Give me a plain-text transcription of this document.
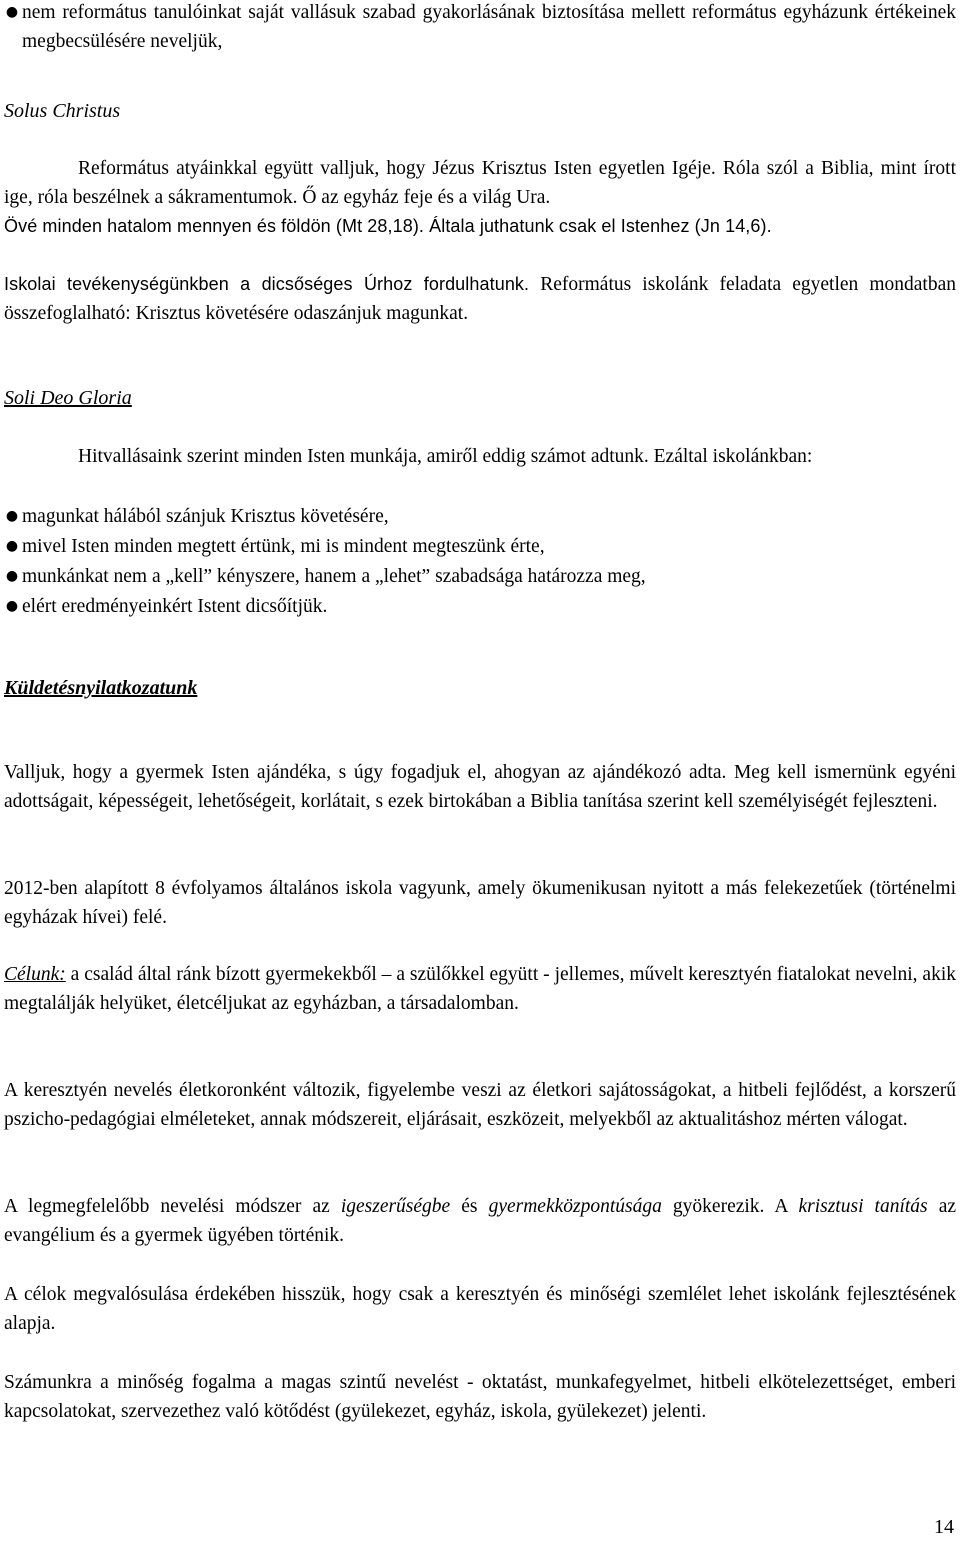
● nem református tanulóinkat saját vallásuk szabad gyakorlásának biztosítása mellett református egyházunk értékeinek megbecsülésére neveljük,

Solus Christus

Református atyáinkkal együtt valljuk, hogy Jézus Krisztus Isten egyetlen Igéje. Róla szól a Biblia, mint írott ige, róla beszélnek a sákramentumok. Ő az egyház feje és a világ Ura.

Övé minden hatalom mennyen és földön (Mt 28,18). Általa juthatunk csak el Istenhez (Jn 14,6).

Iskolai tevékenységünkben a dicsőséges Úrhoz fordulhatunk. Református iskolánk feladata egyetlen mondatban összefoglalható: Krisztus követésére odaszánjuk magunkat.

Soli Deo Gloria

Hitvallásaink szerint minden Isten munkája, amiről eddig számot adtunk. Ezáltal iskolánkban:

● magunkat hálából szánjuk Krisztus követésére,
● mivel Isten minden megtett értünk, mi is mindent megteszünk érte,
● munkánkat nem a „kell” kényszere, hanem a „lehet” szabadsága határozza meg,
● elért eredményeinkért Istent dicsőítjük.

Küldetésnyilatkozatunk

Valljuk, hogy a gyermek Isten ajándéka, s úgy fogadjuk el, ahogyan az ajándékozó adta. Meg kell ismernünk egyéni adottságait, képességeit, lehetőségeit, korlátait, s ezek birtokában a Biblia tanítása szerint kell személyiségét fejleszteni.

2012-ben alapított 8 évfolyamos általános iskola vagyunk, amely ökumenikusan nyitott a más felekezetűek (történelmi egyházak hívei) felé.

Célunk: a család által ránk bízott gyermekekből – a szülőkkel együtt - jellemes, művelt keresztyén fiatalokat nevelni, akik megtalálják helyüket, életcéljukat az egyházban, a társadalomban.

A keresztyén nevelés életkoronként változik, figyelembe veszi az életkori sajátosságokat, a hitbeli fejlődést, a korszerű pszicho-pedagógiai elméleteket, annak módszereit, eljárásait, eszközeit, melyekből az aktualitáshoz mérten válogat.

A legmegfelelőbb nevelési módszer az igeszerűségbe és gyermekközpontúsága gyökerezik. A krisztusi tanítás az evangélium és a gyermek ügyében történik.

A célok megvalósulása érdekében hisszük, hogy csak a keresztyén és minőségi szemlélet lehet iskolánk fejlesztésének alapja.

Számunkra a minőség fogalma a magas szintű nevelést - oktatást, munkafegyelmet, hitbeli elkötelezettséget, emberi kapcsolatokat, szervezethez való kötődést (gyülekezet, egyház, iskola, gyülekezet) jelenti.

14
